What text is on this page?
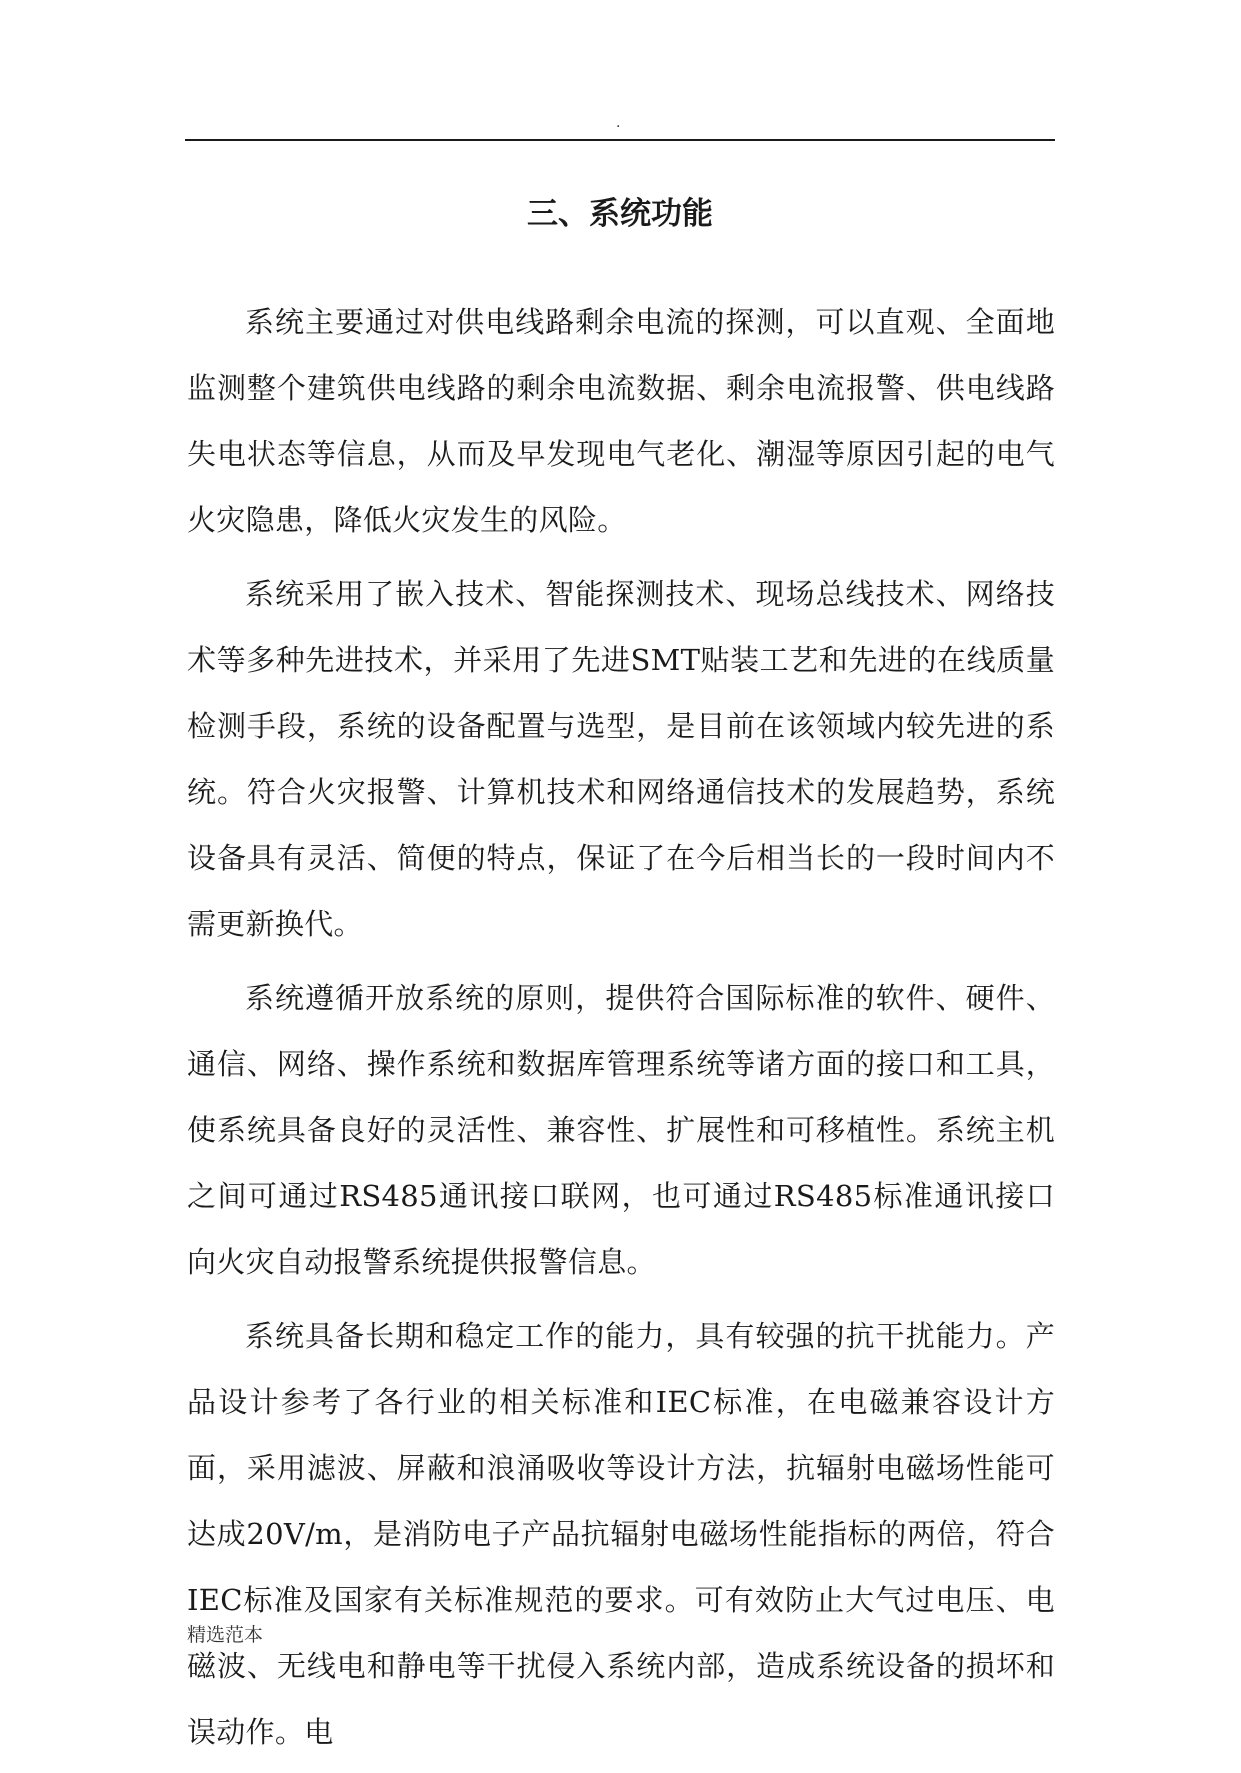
.
三、系统功能

系统主要通过对供电线路剩余电流的探测，可以直观、全面地监测整个建筑供电线路的剩余电流数据、剩余电流报警、供电线路失电状态等信息，从而及早发现电气老化、潮湿等原因引起的电气火灾隐患，降低火灾发生的风险。

系统采用了嵌入技术、智能探测技术、现场总线技术、网络技术等多种先进技术，并采用了先进SMT贴装工艺和先进的在线质量检测手段，系统的设备配置与选型，是目前在该领域内较先进的系统。符合火灾报警、计算机技术和网络通信技术的发展趋势，系统设备具有灵活、简便的特点，保证了在今后相当长的一段时间内不需更新换代。

系统遵循开放系统的原则，提供符合国际标准的软件、硬件、通信、网络、操作系统和数据库管理系统等诸方面的接口和工具，使系统具备良好的灵活性、兼容性、扩展性和可移植性。系统主机之间可通过RS485通讯接口联网，也可通过RS485标准通讯接口向火灾自动报警系统提供报警信息。

系统具备长期和稳定工作的能力，具有较强的抗干扰能力。产品设计参考了各行业的相关标准和IEC标准，在电磁兼容设计方面，采用滤波、屏蔽和浪涌吸收等设计方法，抗辐射电磁场性能可达成20V/m，是消防电子产品抗辐射电磁场性能指标的两倍，符合IEC标准及国家有关标准规范的要求。可有效防止大气过电压、电磁波、无线电和静电等干扰侵入系统内部，造成系统设备的损坏和误动作。电

精选范本
